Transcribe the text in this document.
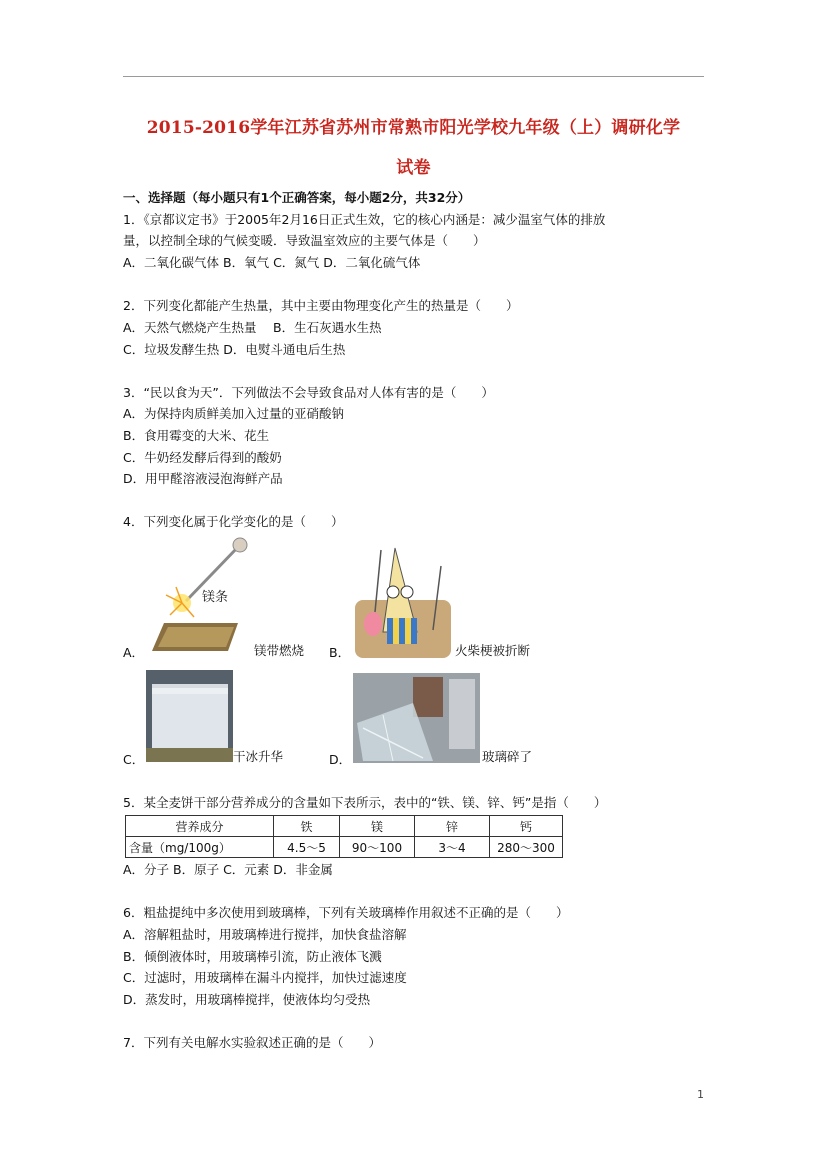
2015-2016学年江苏省苏州市常熟市阳光学校九年级（上）调研化学
试卷
一、选择题（每小题只有1个正确答案，每小题2分，共32分）
1．《京都议定书》于2005年2月16日正式生效，它的核心内涵是：减少温室气体的排放
量，以控制全球的气候变暖．导致温室效应的主要气体是（　　）
A．二氧化碳气体 B．氧气 C．氮气 D．二氧化硫气体
2．下列变化都能产生热量，其中主要由物理变化产生的热量是（　　）
A．天然气燃烧产生热量　 B．生石灰遇水生热
C．垃圾发酵生热 D．电熨斗通电后生热
3．“民以食为天”．下列做法不会导致食品对人体有害的是（　　）
A．为保持肉质鲜美加入过量的亚硝酸钠
B．食用霉变的大米、花生
C．牛奶经发酵后得到的酸奶
D．用甲醛溶液浸泡海鲜产品
4．下列变化属于化学变化的是（　　）
镁条
A．	镁带燃烧 B．	火柴梗被折断
C．	干冰升华	D．	玻璃碎了
5．某全麦饼干部分营养成分的含量如下表所示，表中的“铁、镁、锌、钙”是指（　　）
营养成分	铁	镁	锌	钙
含量（mg/100g）	4.5～5	90～100	3～4	280～300
A．分子 B．原子 C．元素 D．非金属
6．粗盐提纯中多次使用到玻璃棒，下列有关玻璃棒作用叙述不正确的是（　　）
A．溶解粗盐时，用玻璃棒进行搅拌，加快食盐溶解
B．倾倒液体时，用玻璃棒引流，防止液体飞溅
C．过滤时，用玻璃棒在漏斗内搅拌，加快过滤速度
D．蒸发时，用玻璃棒搅拌，使液体均匀受热
7．下列有关电解水实验叙述正确的是（　　）
1
